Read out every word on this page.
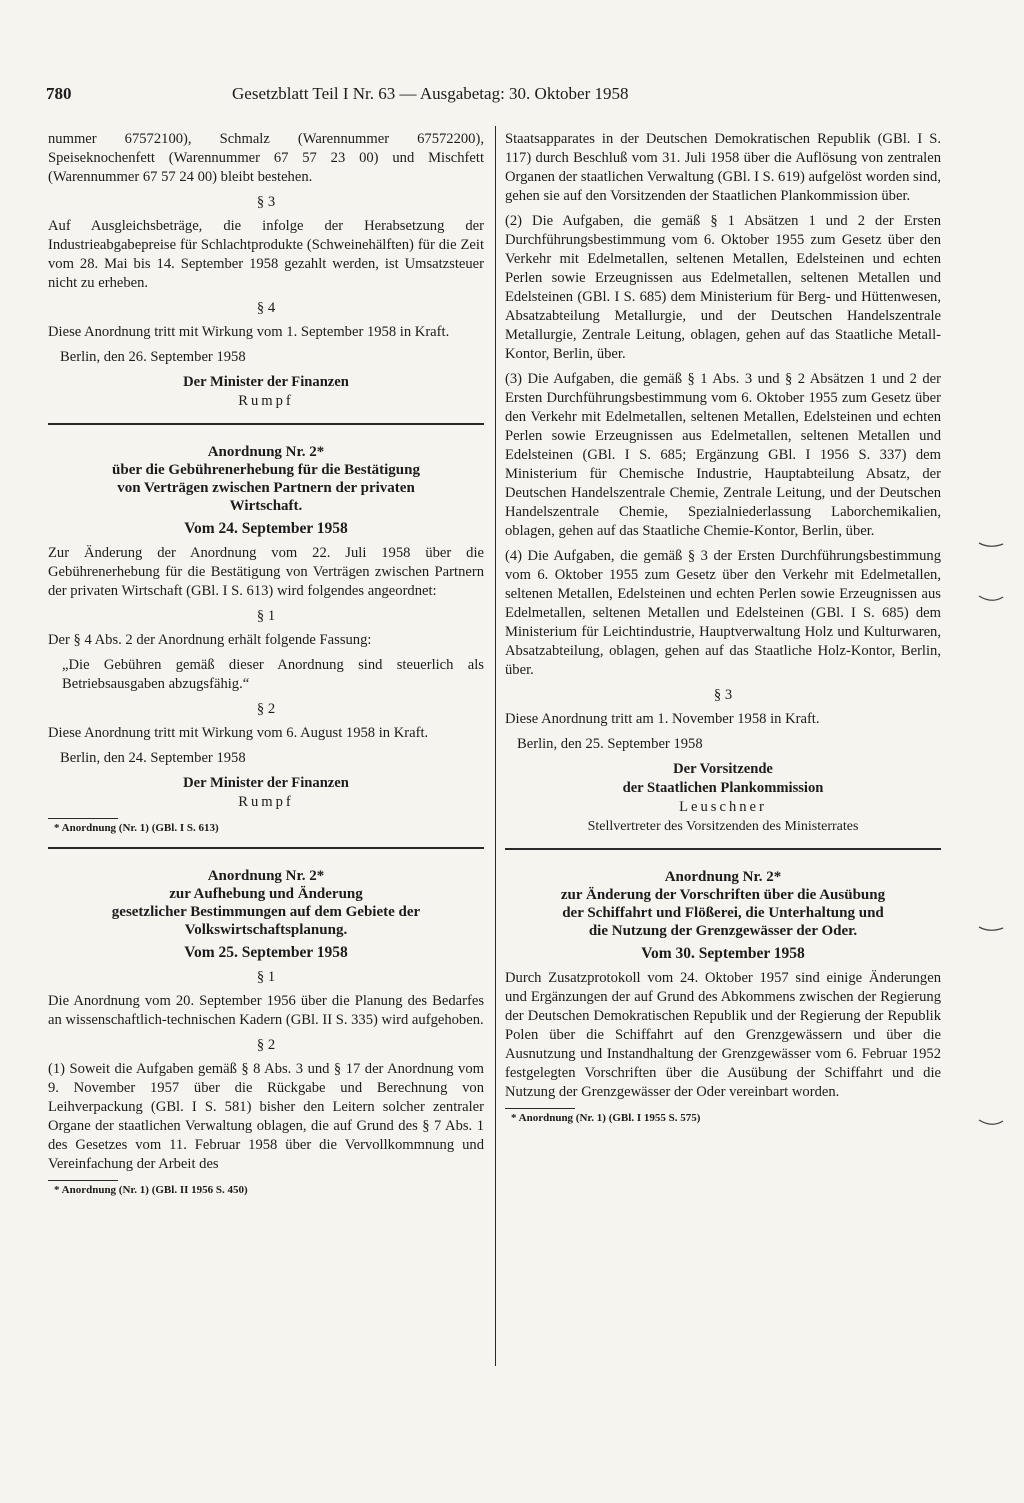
780	Gesetzblatt Teil I Nr. 63 — Ausgabetag: 30. Oktober 1958

nummer 67572100), Schmalz (Warennummer 67572200), Speiseknochenfett (Warennummer 67 57 23 00) und Mischfett (Warennummer 67 57 24 00) bleibt bestehen.

§ 3

Auf Ausgleichsbeträge, die infolge der Herabsetzung der Industrieabgabepreise für Schlachtprodukte (Schweinehälften) für die Zeit vom 28. Mai bis 14. September 1958 gezahlt werden, ist Umsatzsteuer nicht zu erheben.

§ 4

Diese Anordnung tritt mit Wirkung vom 1. September 1958 in Kraft.

Berlin, den 26. September 1958

Der Minister der Finanzen

Rumpf

Anordnung Nr. 2*

über die Gebührenerhebung für die Bestätigung

von Verträgen zwischen Partnern der privaten

Wirtschaft.

Vom 24. September 1958

Zur Änderung der Anordnung vom 22. Juli 1958 über die Gebührenerhebung für die Bestätigung von Verträgen zwischen Partnern der privaten Wirtschaft (GBl. I S. 613) wird folgendes angeordnet:

§ 1

Der § 4 Abs. 2 der Anordnung erhält folgende Fassung:

„Die Gebühren gemäß dieser Anordnung sind steuerlich als Betriebsausgaben abzugsfähig.“

§ 2

Diese Anordnung tritt mit Wirkung vom 6. August 1958 in Kraft.

Berlin, den 24. September 1958

Der Minister der Finanzen

Rumpf

* Anordnung (Nr. 1) (GBl. I S. 613)

Anordnung Nr. 2*

zur Aufhebung und Änderung

gesetzlicher Bestimmungen auf dem Gebiete der

Volkswirtschaftsplanung.

Vom 25. September 1958
§ 1

Die Anordnung vom 20. September 1956 über die Planung des Bedarfes an wissenschaftlich-technischen Kadern (GBl. II S. 335) wird aufgehoben.

§ 2

(1) Soweit die Aufgaben gemäß § 8 Abs. 3 und § 17 der Anordnung vom 9. November 1957 über die Rückgabe und Berechnung von Leihverpackung (GBl. I S. 581) bisher den Leitern solcher zentraler Organe der staatlichen Verwaltung oblagen, die auf Grund des § 7 Abs. 1 des Gesetzes vom 11. Februar 1958 über die Vervollkommnung und Vereinfachung der Arbeit des

* Anordnung (Nr. 1) (GBl. II 1956 S. 450)

Staatsapparates in der Deutschen Demokratischen Republik (GBl. I S. 117) durch Beschluß vom 31. Juli 1958 über die Auflösung von zentralen Organen der staatlichen Verwaltung (GBl. I S. 619) aufgelöst worden sind, gehen sie auf den Vorsitzenden der Staatlichen Plankommission über.

(2) Die Aufgaben, die gemäß § 1 Absätzen 1 und 2 der Ersten Durchführungsbestimmung vom 6. Oktober 1955 zum Gesetz über den Verkehr mit Edelmetallen, seltenen Metallen, Edelsteinen und echten Perlen sowie Erzeugnissen aus Edelmetallen, seltenen Metallen und Edelsteinen (GBl. I S. 685) dem Ministerium für Berg- und Hüttenwesen, Absatzabteilung Metallurgie, und der Deutschen Handelszentrale Metallurgie, Zentrale Leitung, oblagen, gehen auf das Staatliche Metall-Kontor, Berlin, über.

(3) Die Aufgaben, die gemäß § 1 Abs. 3 und § 2 Absätzen 1 und 2 der Ersten Durchführungsbestimmung vom 6. Oktober 1955 zum Gesetz über den Verkehr mit Edelmetallen, seltenen Metallen, Edelsteinen und echten Perlen sowie Erzeugnissen aus Edelmetallen, seltenen Metallen und Edelsteinen (GBl. I S. 685; Ergänzung GBl. I 1956 S. 337) dem Ministerium für Chemische Industrie, Hauptabteilung Absatz, der Deutschen Handelszentrale Chemie, Zentrale Leitung, und der Deutschen Handelszentrale Chemie, Spezialniederlassung Laborchemikalien, oblagen, gehen auf das Staatliche Chemie-Kontor, Berlin, über.

(4) Die Aufgaben, die gemäß § 3 der Ersten Durchführungsbestimmung vom 6. Oktober 1955 zum Gesetz über den Verkehr mit Edelmetallen, seltenen Metallen, Edelsteinen und echten Perlen sowie Erzeugnissen aus Edelmetallen, seltenen Metallen und Edelsteinen (GBl. I S. 685) dem Ministerium für Leichtindustrie, Hauptverwaltung Holz und Kulturwaren, Absatzabteilung, oblagen, gehen auf das Staatliche Holz-Kontor, Berlin, über.

§ 3

Diese Anordnung tritt am 1. November 1958 in Kraft.

Berlin, den 25. September 1958

Der Vorsitzende

der Staatlichen Plankommission

Leuschner

Stellvertreter des Vorsitzenden des Ministerrates

Anordnung Nr. 2*

zur Änderung der Vorschriften über die Ausübung

der Schiffahrt und Flößerei, die Unterhaltung und

die Nutzung der Grenzgewässer der Oder.

Vom 30. September 1958

Durch Zusatzprotokoll vom 24. Oktober 1957 sind einige Änderungen und Ergänzungen der auf Grund des Abkommens zwischen der Regierung der Deutschen Demokratischen Republik und der Regierung der Republik Polen über die Schiffahrt auf den Grenzgewässern und über die Ausnutzung und Instandhaltung der Grenzgewässer vom 6. Februar 1952 festgelegten Vorschriften über die Ausübung der Schiffahrt und die Nutzung der Grenzgewässer der Oder vereinbart worden.

* Anordnung (Nr. 1) (GBl. I 1955 S. 575)
